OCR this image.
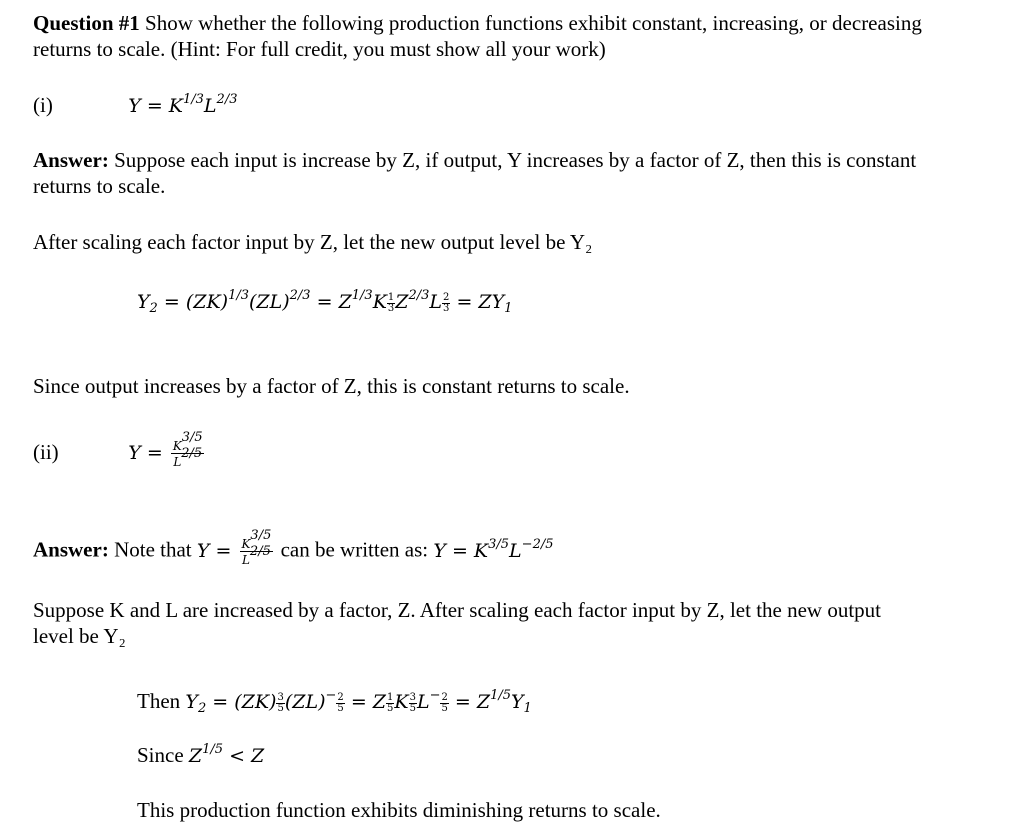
Question #1 Show whether the following production functions exhibit constant, increasing, or decreasing returns to scale. (Hint: For full credit, you must show all your work)
(i)	$Y = K^{1/3}L^{2/3}$
Answer: Suppose each input is increase by Z, if output, Y increases by a factor of Z, then this is constant returns to scale.
After scaling each factor input by Z, let the new output level be Y₂
$Y_2 = (ZK)^{1/3}(ZL)^{2/3} = Z^{1/3}K \frac{1}{3} Z^{2/3}L \frac{2}{3} = ZY_1$
Since output increases by a factor of Z, this is constant returns to scale.
(ii)	$Y = \frac{K^{3/5}}{L^{2/5}}$
Answer: Note that $Y = \frac{K^{3/5}}{L^{2/5}}$ can be written as: $Y = K^{3/5}L^{-2/5}$
Suppose K and L are increased by a factor, Z. After scaling each factor input by Z, let the new output level be Y₂
Then $Y_2 = (ZK) \frac{3}{5} (ZL)^- \frac{2}{5} = Z \frac{1}{5}$ K $\frac{3}{5} L^- \frac{2}{5} = Z^{1/5}Y_1$
Since $Z^{1/5} < Z$
This production function exhibits diminishing returns to scale.
